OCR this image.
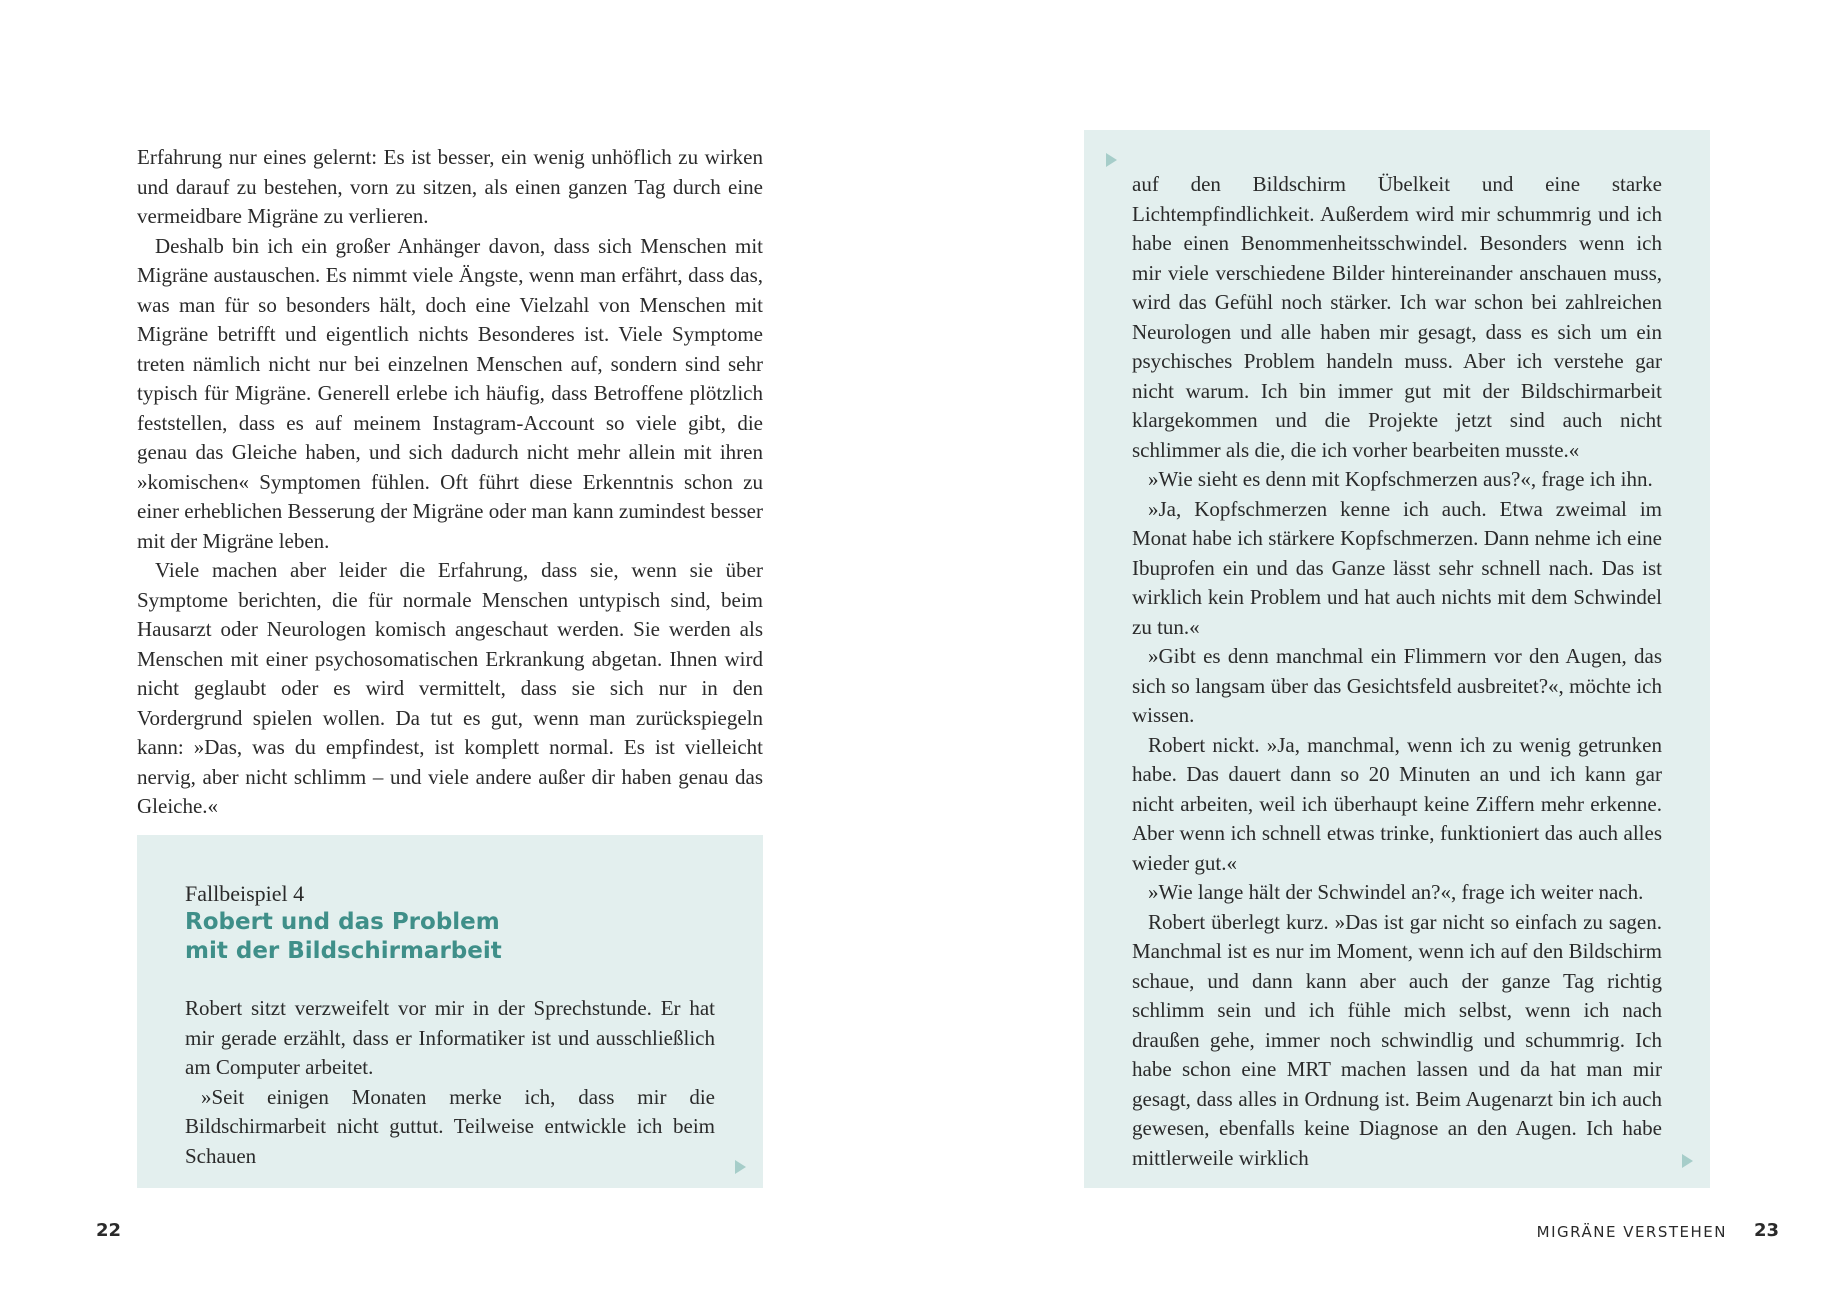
Erfahrung nur eines gelernt: Es ist besser, ein wenig unhöflich zu wirken und darauf zu bestehen, vorn zu sitzen, als einen ganzen Tag durch eine vermeidbare Migräne zu verlieren.

Deshalb bin ich ein großer Anhänger davon, dass sich Menschen mit Migräne austauschen. Es nimmt viele Ängste, wenn man erfährt, dass das, was man für so besonders hält, doch eine Vielzahl von Menschen mit Migräne betrifft und eigentlich nichts Besonderes ist. Viele Symptome treten nämlich nicht nur bei einzelnen Menschen auf, sondern sind sehr typisch für Migräne. Generell erlebe ich häufig, dass Betroffene plötzlich feststellen, dass es auf meinem Instagram-Account so viele gibt, die genau das Gleiche haben, und sich dadurch nicht mehr allein mit ihren »komischen« Symptomen fühlen. Oft führt diese Erkenntnis schon zu einer erheblichen Besserung der Migräne oder man kann zumindest besser mit der Migräne leben.

Viele machen aber leider die Erfahrung, dass sie, wenn sie über Symptome berichten, die für normale Menschen untypisch sind, beim Hausarzt oder Neurologen komisch angeschaut werden. Sie werden als Menschen mit einer psychosomatischen Erkrankung abgetan. Ihnen wird nicht geglaubt oder es wird vermittelt, dass sie sich nur in den Vordergrund spielen wollen. Da tut es gut, wenn man zurückspiegeln kann: »Das, was du empfindest, ist komplett normal. Es ist vielleicht nervig, aber nicht schlimm – und viele andere außer dir haben genau das Gleiche.«

Fallbeispiel 4
Robert und das Problem mit der Bildschirmarbeit

Robert sitzt verzweifelt vor mir in der Sprechstunde. Er hat mir gerade erzählt, dass er Informatiker ist und ausschließlich am Computer arbeitet.

»Seit einigen Monaten merke ich, dass mir die Bildschirmarbeit nicht guttut. Teilweise entwickle ich beim Schauen

22

auf den Bildschirm Übelkeit und eine starke Lichtempfindlichkeit. Außerdem wird mir schummrig und ich habe einen Benommenheitsschwindel. Besonders wenn ich mir viele verschiedene Bilder hintereinander anschauen muss, wird das Gefühl noch stärker. Ich war schon bei zahlreichen Neurologen und alle haben mir gesagt, dass es sich um ein psychisches Problem handeln muss. Aber ich verstehe gar nicht warum. Ich bin immer gut mit der Bildschirmarbeit klargekommen und die Projekte jetzt sind auch nicht schlimmer als die, die ich vorher bearbeiten musste.«

»Wie sieht es denn mit Kopfschmerzen aus?«, frage ich ihn.

»Ja, Kopfschmerzen kenne ich auch. Etwa zweimal im Monat habe ich stärkere Kopfschmerzen. Dann nehme ich eine Ibuprofen ein und das Ganze lässt sehr schnell nach. Das ist wirklich kein Problem und hat auch nichts mit dem Schwindel zu tun.«

»Gibt es denn manchmal ein Flimmern vor den Augen, das sich so langsam über das Gesichtsfeld ausbreitet?«, möchte ich wissen.

Robert nickt. »Ja, manchmal, wenn ich zu wenig getrunken habe. Das dauert dann so 20 Minuten an und ich kann gar nicht arbeiten, weil ich überhaupt keine Ziffern mehr erkenne. Aber wenn ich schnell etwas trinke, funktioniert das auch alles wieder gut.«

»Wie lange hält der Schwindel an?«, frage ich weiter nach.

Robert überlegt kurz. »Das ist gar nicht so einfach zu sagen. Manchmal ist es nur im Moment, wenn ich auf den Bildschirm schaue, und dann kann aber auch der ganze Tag richtig schlimm sein und ich fühle mich selbst, wenn ich nach draußen gehe, immer noch schwindlig und schummrig. Ich habe schon eine MRT machen lassen und da hat man mir gesagt, dass alles in Ordnung ist. Beim Augenarzt bin ich auch gewesen, ebenfalls keine Diagnose an den Augen. Ich habe mittlerweile wirklich

MIGRÄNE VERSTEHEN 23
